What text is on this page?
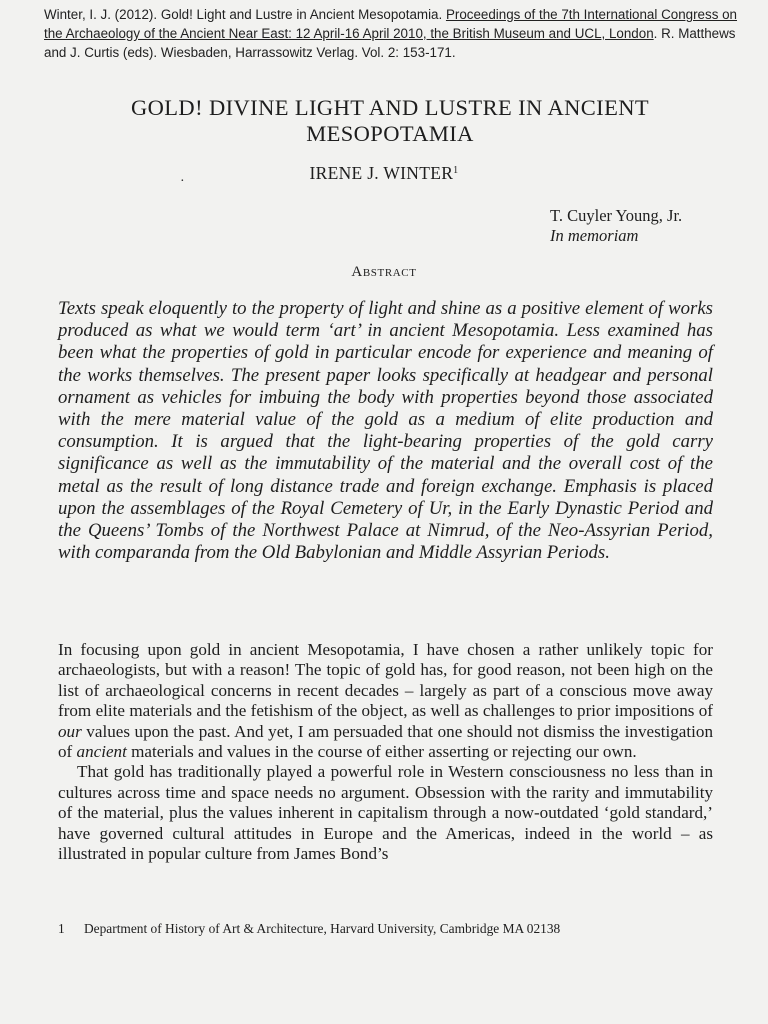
Winter, I. J. (2012). Gold! Light and Lustre in Ancient Mesopotamia. Proceedings of the 7th International Congress on the Archaeology of the Ancient Near East: 12 April-16 April 2010, the British Museum and UCL, London. R. Matthews and J. Curtis (eds). Wiesbaden, Harrassowitz Verlag. Vol. 2: 153-171.
GOLD! DIVINE LIGHT AND LUSTRE IN ANCIENT
MESOPOTAMIA
·	IRENE J. WINTER$^1$
T. Cuyler Young, Jr.
In memoriam
Abstract
Texts speak eloquently to the property of light and shine as a positive element of works produced as what we would term ‘art’ in ancient Mesopotamia. Less examined has been what the properties of gold in particular encode for experience and meaning of the works themselves. The present paper looks specifically at headgear and personal ornament as vehicles for imbuing the body with properties beyond those associated with the mere material value of the gold as a medium of elite production and consumption. It is argued that the light-bearing properties of the gold carry significance as well as the immutability of the material and the overall cost of the metal as the result of long distance trade and foreign exchange. Emphasis is placed upon the assemblages of the Royal Cemetery of Ur, in the Early Dynastic Period and the Queens’ Tombs of the Northwest Palace at Nimrud, of the Neo-Assyrian Period, with comparanda from the Old Babylonian and Middle Assyrian Periods.

In focusing upon gold in ancient Mesopotamia, I have chosen a rather unlikely topic for archaeologists, but with a reason! The topic of gold has, for good reason, not been high on the list of archaeological concerns in recent decades – largely as part of a conscious move away from elite materials and the fetishism of the object, as well as challenges to prior impositions of our values upon the past. And yet, I am persuaded that one should not dismiss the investigation of ancient materials and values in the course of either asserting or rejecting our own.

That gold has traditionally played a powerful role in Western consciousness no less than in cultures across time and space needs no argument. Obsession with the rarity and immutability of the material, plus the values inherent in capitalism through a now-outdated ‘gold standard,’ have governed cultural attitudes in Europe and the Americas, indeed in the world – as illustrated in popular culture from James Bond’s

1 Department of History of Art & Architecture, Harvard University, Cambridge MA 02138
